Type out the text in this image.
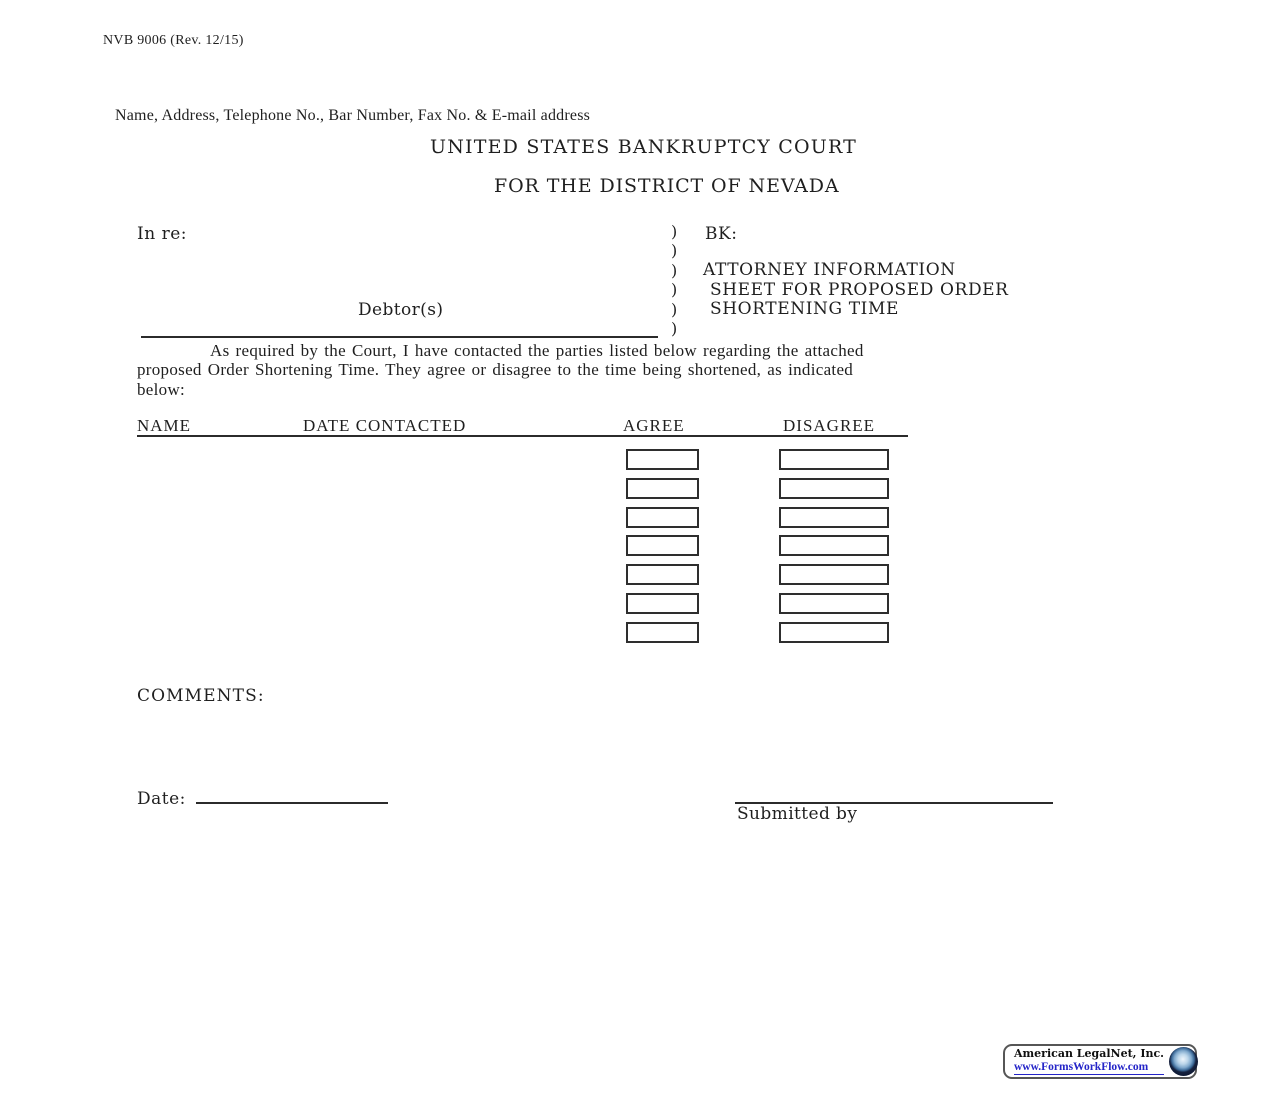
NVB 9006 (Rev. 12/15)
Name, Address, Telephone No., Bar Number, Fax No. & E-mail address
UNITED STATES BANKRUPTCY COURT
FOR THE DISTRICT OF NEVADA
In re:	)
)
)
)
)
)
BK:
ATTORNEY INFORMATION
SHEET FOR PROPOSED ORDER
SHORTENING TIME
Debtor(s)
As required by the Court, I have contacted the parties listed below regarding the attached
proposed Order Shortening Time. They agree or disagree to the time being shortened, as indicated
below:
NAME	DATE CONTACTED	AGREE	DISAGREE
COMMENTS:
Date:
Submitted by
American LegalNet, Inc.
www.FormsWorkFlow.com
